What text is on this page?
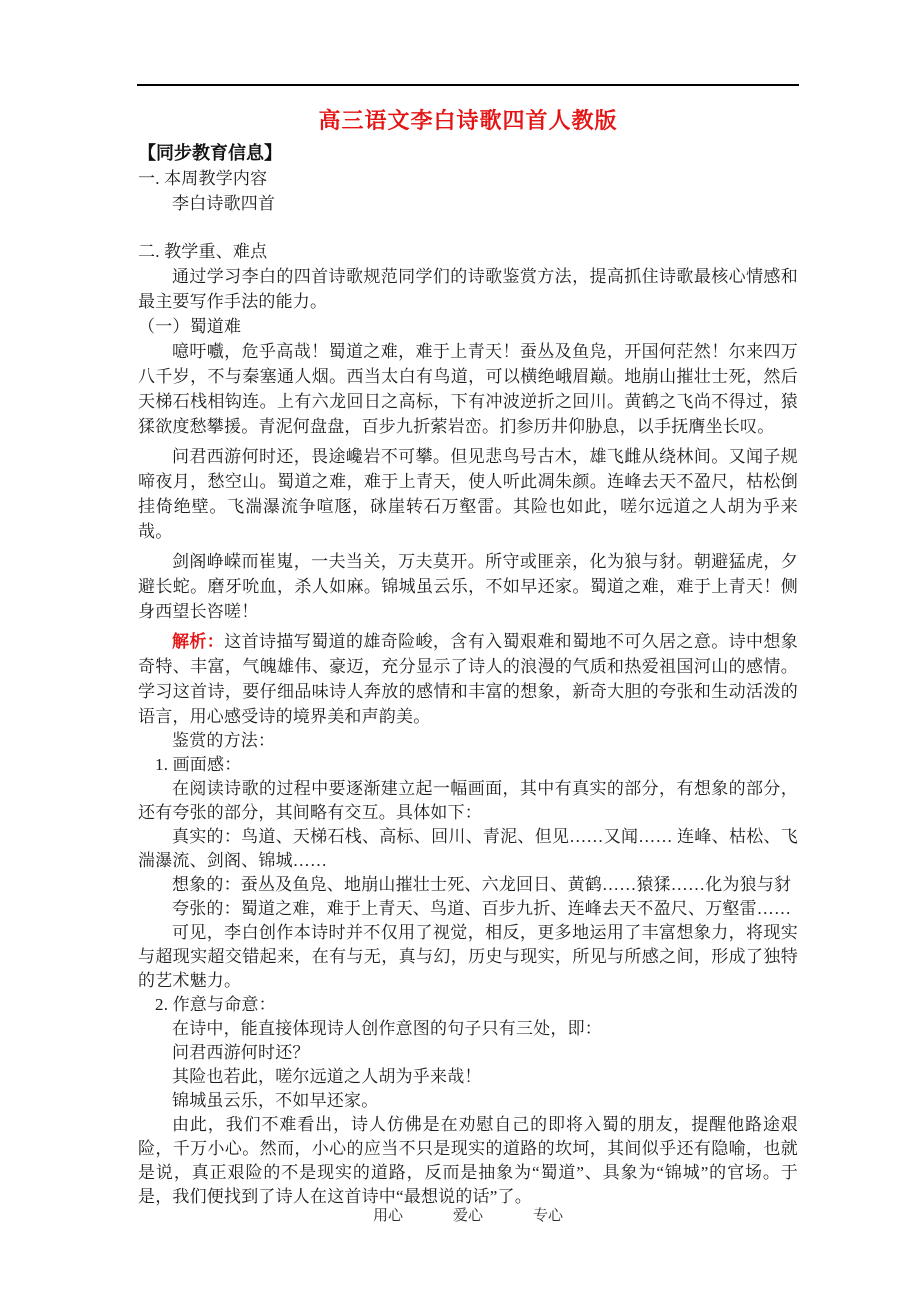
高三语文李白诗歌四首人教版
【同步教育信息】

一. 本周教学内容

李白诗歌四首

二. 教学重、难点

通过学习李白的四首诗歌规范同学们的诗歌鉴赏方法，提高抓住诗歌最核心情感和最主要写作手法的能力。

（一）蜀道难

噫吁嚱，危乎高哉！蜀道之难，难于上青天！蚕丛及鱼凫，开国何茫然！尔来四万八千岁，不与秦塞通人烟。西当太白有鸟道，可以横绝峨眉巅。地崩山摧壮士死，然后天梯石栈相钩连。上有六龙回日之高标，下有冲波逆折之回川。黄鹤之飞尚不得过，猿猱欲度愁攀援。青泥何盘盘，百步九折萦岩峦。扪参历井仰胁息，以手抚膺坐长叹。

问君西游何时还，畏途巉岩不可攀。但见悲鸟号古木，雄飞雌从绕林间。又闻子规啼夜月，愁空山。蜀道之难，难于上青天，使人听此凋朱颜。连峰去天不盈尺，枯松倒挂倚绝壁。飞湍瀑流争喧豗，砯崖转石万壑雷。其险也如此，嗟尔远道之人胡为乎来哉。

剑阁峥嵘而崔嵬，一夫当关，万夫莫开。所守或匪亲，化为狼与豺。朝避猛虎，夕避长蛇。磨牙吮血，杀人如麻。锦城虽云乐，不如早还家。蜀道之难，难于上青天！侧身西望长咨嗟！

解析：这首诗描写蜀道的雄奇险峻，含有入蜀艰难和蜀地不可久居之意。诗中想象奇特、丰富，气魄雄伟、豪迈，充分显示了诗人的浪漫的气质和热爱祖国河山的感情。学习这首诗，要仔细品味诗人奔放的感情和丰富的想象，新奇大胆的夸张和生动活泼的语言，用心感受诗的境界美和声韵美。

鉴赏的方法：

1. 画面感：

在阅读诗歌的过程中要逐渐建立起一幅画面，其中有真实的部分，有想象的部分，还有夸张的部分，其间略有交互。具体如下：

真实的：鸟道、天梯石栈、高标、回川、青泥、但见……又闻…… 连峰、枯松、飞湍瀑流、剑阁、锦城……

想象的：蚕丛及鱼凫、地崩山摧壮士死、六龙回日、黄鹤……猿猱……化为狼与豺

夸张的：蜀道之难，难于上青天、鸟道、百步九折、连峰去天不盈尺、万壑雷……

可见，李白创作本诗时并不仅用了视觉，相反，更多地运用了丰富想象力，将现实与超现实超交错起来，在有与无，真与幻，历史与现实，所见与所感之间，形成了独特的艺术魅力。

2. 作意与命意：

在诗中，能直接体现诗人创作意图的句子只有三处，即：

问君西游何时还？

其险也若此，嗟尔远道之人胡为乎来哉！

锦城虽云乐，不如早还家。

由此，我们不难看出，诗人仿佛是在劝慰自己的即将入蜀的朋友，提醒他路途艰险，千万小心。然而，小心的应当不只是现实的道路的坎坷，其间似乎还有隐喻，也就是说，真正艰险的不是现实的道路，反而是抽象为“蜀道”、具象为“锦城”的官场。于是，我们便找到了诗人在这首诗中“最想说的话”了。

用心	爱心	专心
